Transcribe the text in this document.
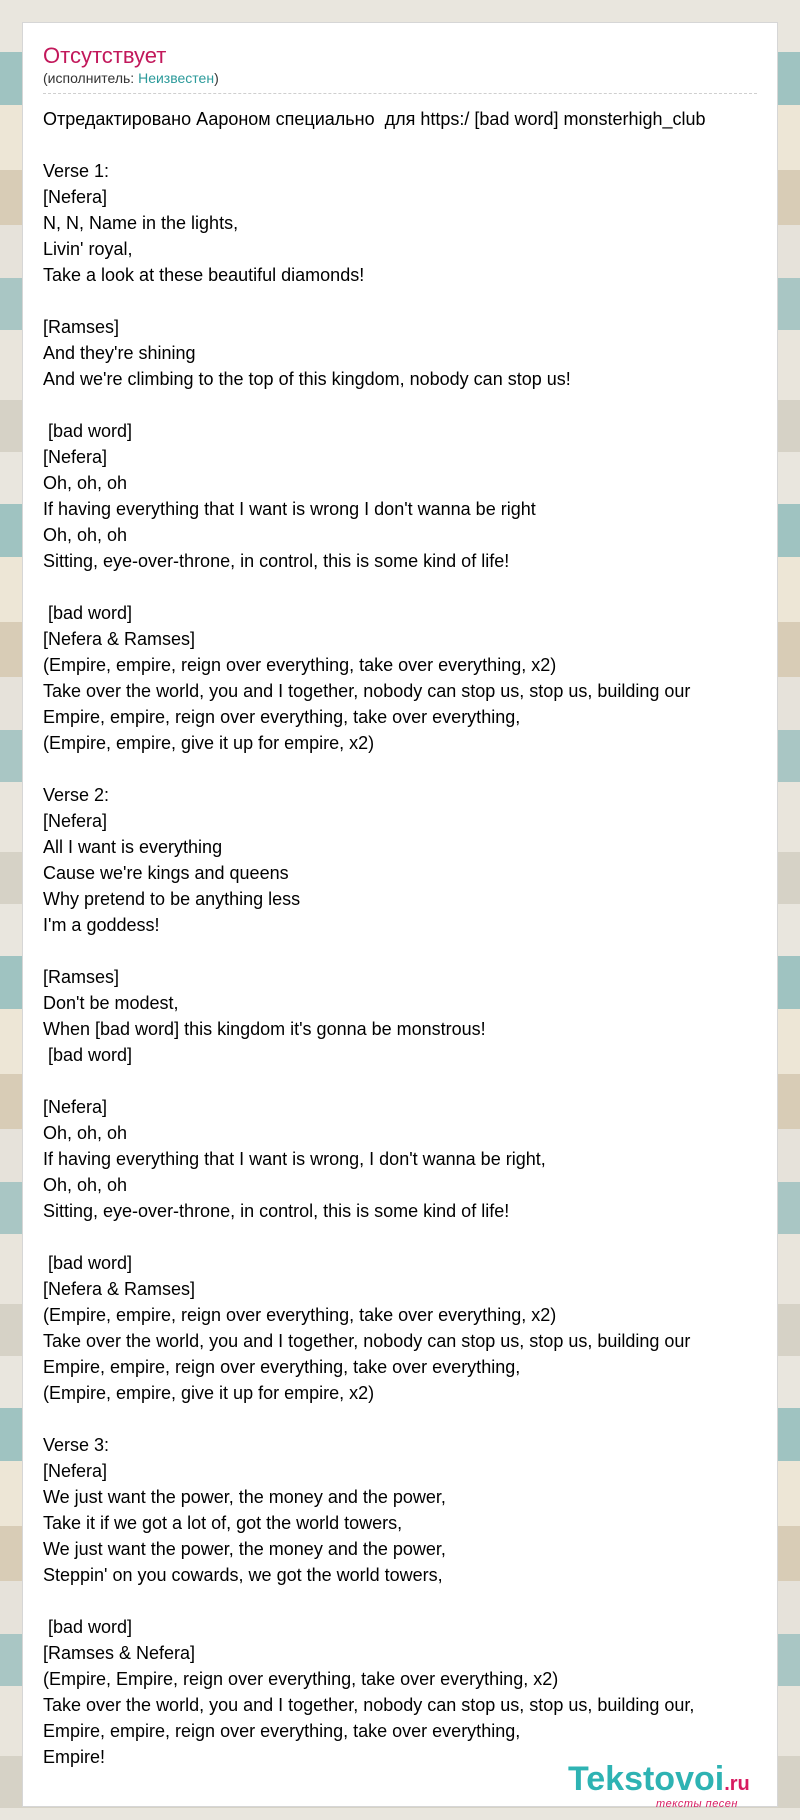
Отсутствует
(исполнитель: Неизвестен)
Отредактировано Аароном специально  для https:/ [bad word] monsterhigh_club
Verse 1:
[Nefera]
N, N, Name in the lights,
Livin' royal,
Take a look at these beautiful diamonds!
[Ramses]
And they're shining
And we're climbing to the top of this kingdom, nobody can stop us!
[bad word]
[Nefera]
Oh, oh, oh
If having everything that I want is wrong I don't wanna be right
Oh, oh, oh
Sitting, eye-over-throne, in control, this is some kind of life!
[bad word]
[Nefera & Ramses]
(Empire, empire, reign over everything, take over everything, x2)
Take over the world, you and I together, nobody can stop us, stop us, building our
Empire, empire, reign over everything, take over everything,
(Empire, empire, give it up for empire, x2)
Verse 2:
[Nefera]
All I want is everything
Cause we're kings and queens
Why pretend to be anything less
I'm a goddess!
[Ramses]
Don't be modest,
When [bad word] this kingdom it's gonna be monstrous!
[bad word]
[Nefera]
Oh, oh, oh
If having everything that I want is wrong, I don't wanna be right,
Oh, oh, oh
Sitting, eye-over-throne, in control, this is some kind of life!
[bad word]
[Nefera & Ramses]
(Empire, empire, reign over everything, take over everything, x2)
Take over the world, you and I together, nobody can stop us, stop us, building our
Empire, empire, reign over everything, take over everything,
(Empire, empire, give it up for empire, x2)
Verse 3:
[Nefera]
We just want the power, the money and the power,
Take it if we got a lot of, got the world towers,
We just want the power, the money and the power,
Steppin' on you cowards, we got the world towers,
[bad word]
[Ramses & Nefera]
(Empire, Empire, reign over everything, take over everything, x2)
Take over the world, you and I together, nobody can stop us, stop us, building our,
Empire, empire, reign over everything, take over everything,
Empire!
Tekstovoi.ru
тексты песен
